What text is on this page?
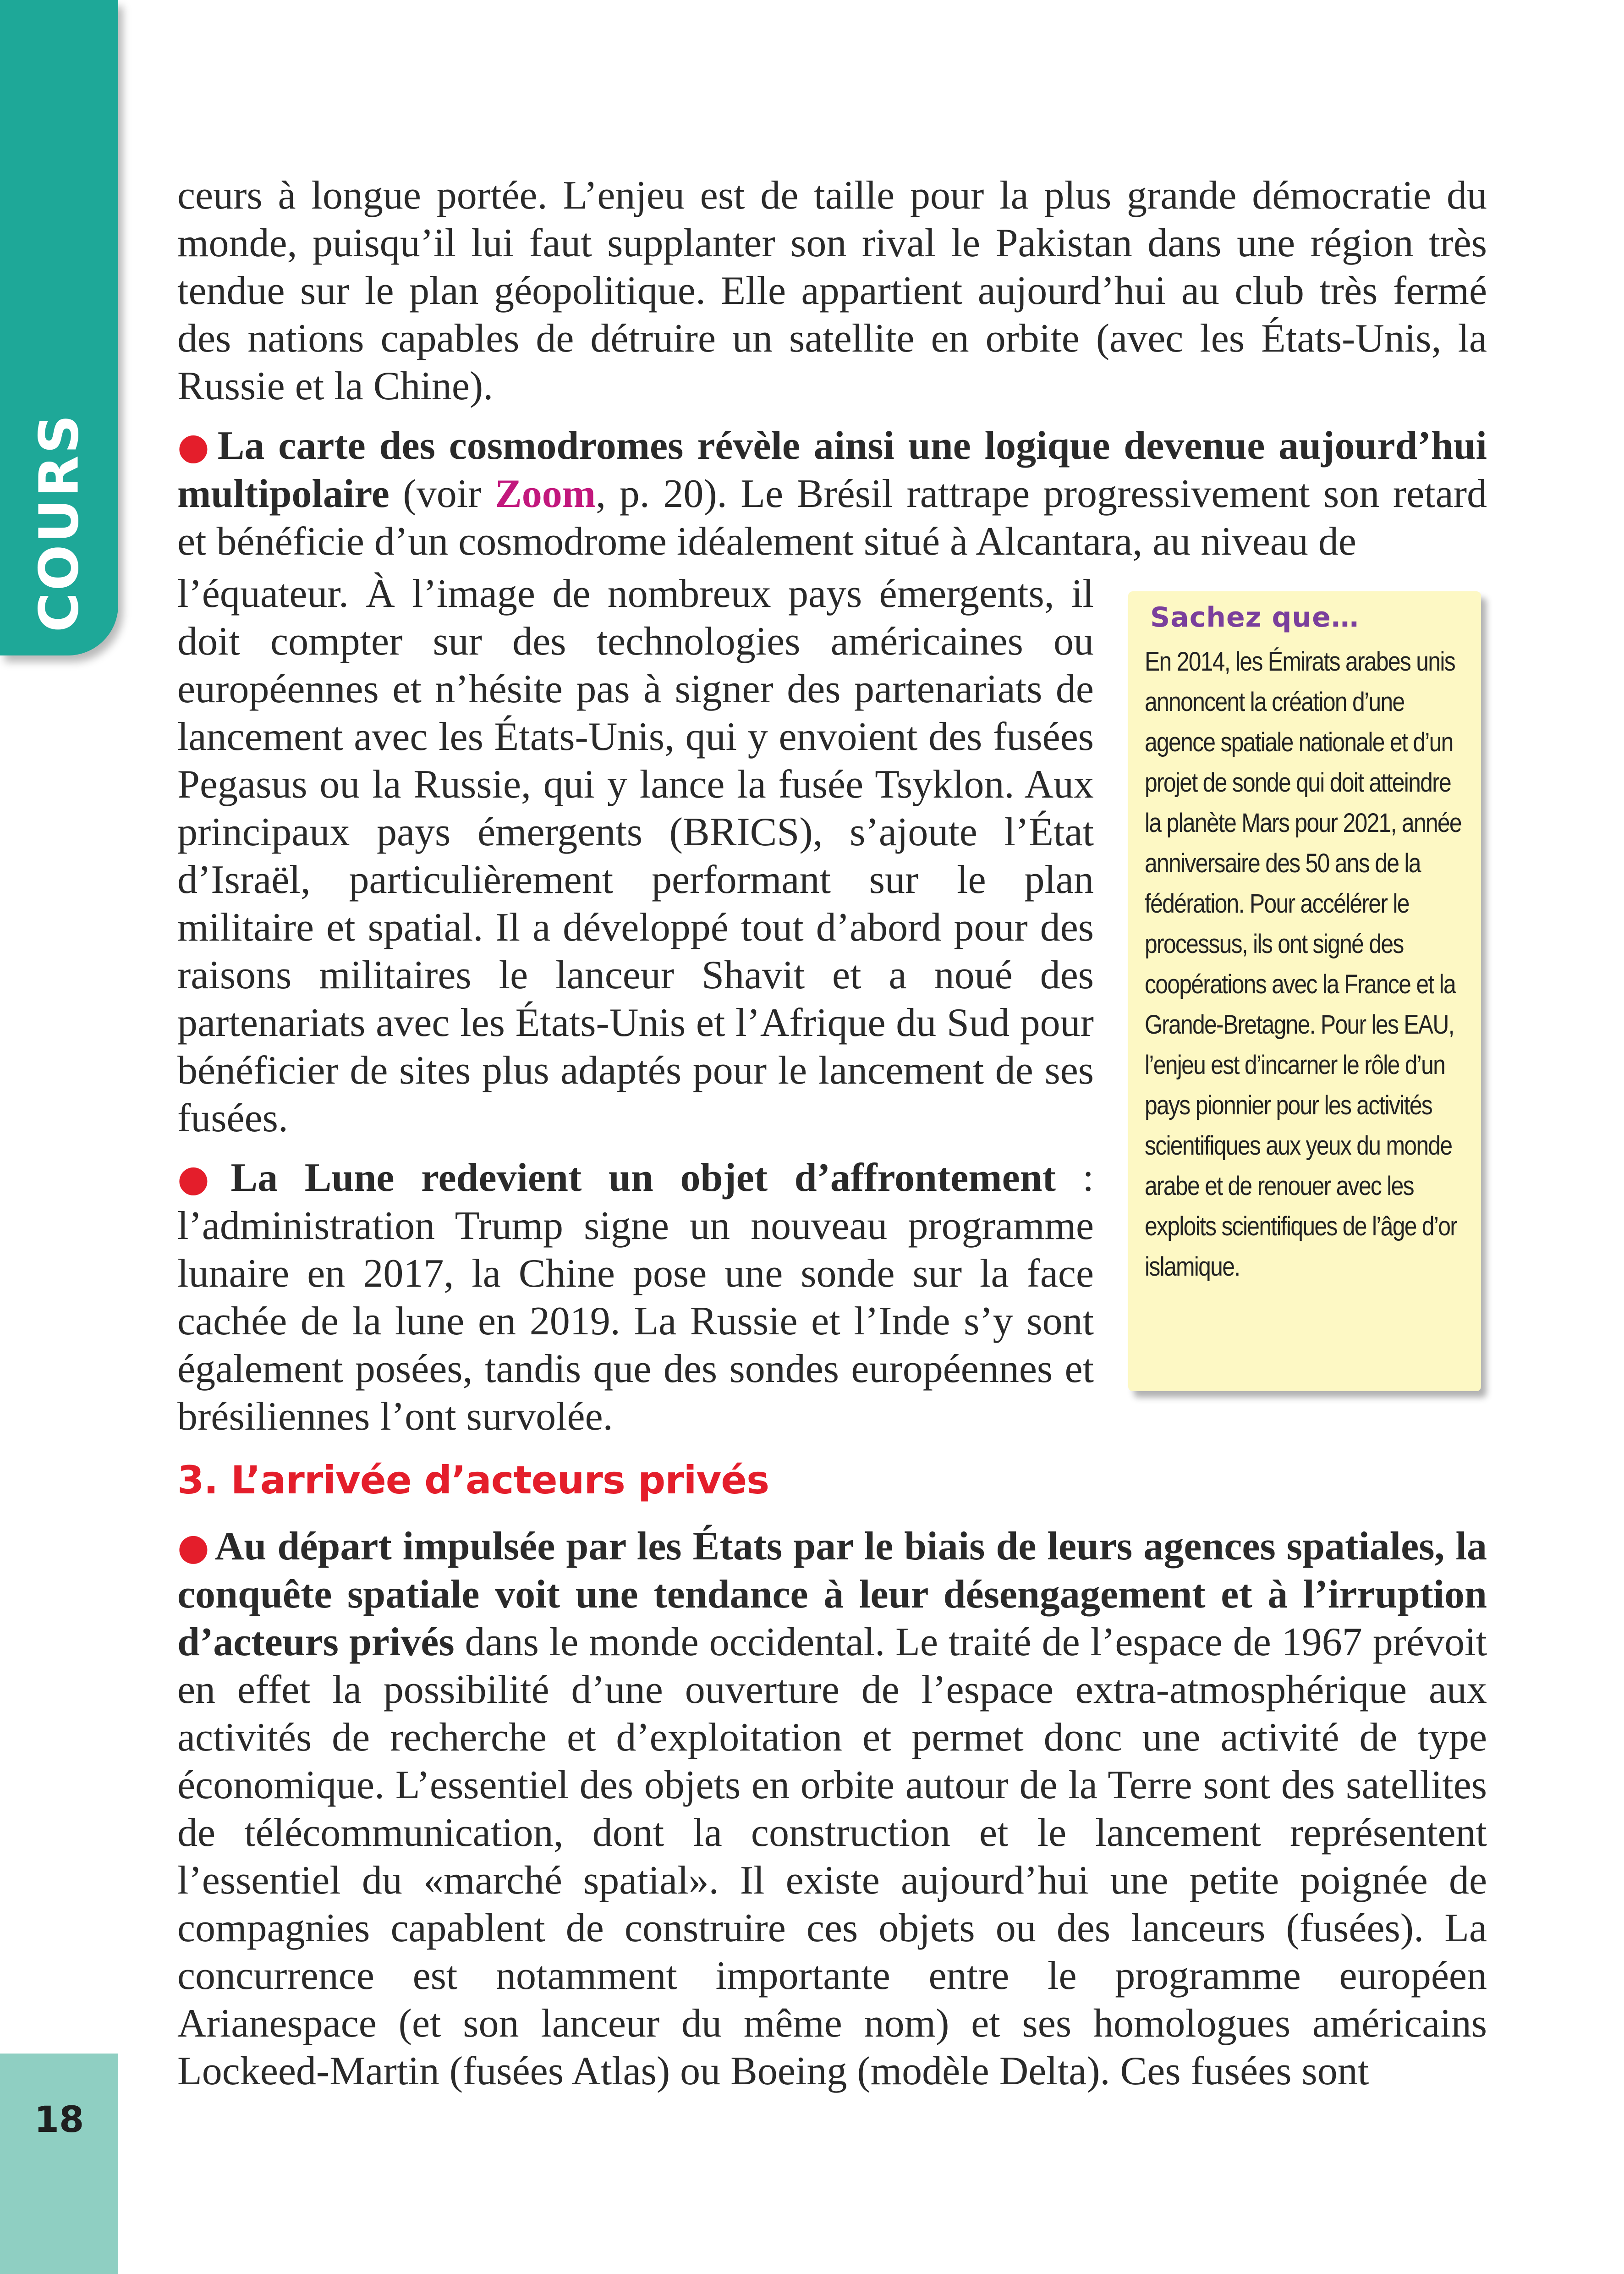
COURS
18

ceurs à longue portée. L’enjeu est de taille pour la plus grande démocratie du monde, puisqu’il lui faut supplanter son rival le Pakistan dans une région très tendue sur le plan géopolitique. Elle appartient aujourd’hui au club très fermé des nations capables de détruire un satellite en orbite (avec les États-Unis, la Russie et la Chine).

● La carte des cosmodromes révèle ainsi une logique devenue aujourd’hui multipolaire (voir Zoom, p. 20). Le Brésil rattrape progressivement son retard et bénéficie d’un cosmodrome idéalement situé à Alcantara, au niveau de

l’équateur. À l’image de nombreux pays émergents, il doit compter sur des technologies américaines ou européennes et n’hésite pas à signer des partenariats de lancement avec les États-Unis, qui y envoient des fusées Pegasus ou la Russie, qui y lance la fusée Tsyklon. Aux principaux pays émergents (BRICS), s’ajoute l’État d’Israël, particulièrement performant sur le plan militaire et spatial. Il a développé tout d’abord pour des raisons militaires le lanceur Shavit et a noué des partenariats avec les États-Unis et l’Afrique du Sud pour bénéficier de sites plus adaptés pour le lancement de ses fusées.

● La Lune redevient un objet d’affrontement : l’administration Trump signe un nouveau programme lunaire en 2017, la Chine pose une sonde sur la face cachée de la lune en 2019. La Russie et l’Inde s’y sont également posées, tandis que des sondes européennes et brésiliennes l’ont survolée.

Sachez que…
En 2014, les Émirats arabes unis annoncent la création d’une agence spatiale nationale et d’un projet de sonde qui doit atteindre la planète Mars pour 2021, année anniversaire des 50 ans de la fédération. Pour accélérer le processus, ils ont signé des coopérations avec la France et la Grande-Bretagne. Pour les EAU, l’enjeu est d’incarner le rôle d’un pays pionnier pour les activités scientifiques aux yeux du monde arabe et de renouer avec les exploits scientifiques de l’âge d’or islamique.
3. L’arrivée d’acteurs privés

● Au départ impulsée par les États par le biais de leurs agences spatiales, la conquête spatiale voit une tendance à leur désengagement et à l’irruption d’acteurs privés dans le monde occidental. Le traité de l’espace de 1967 prévoit en effet la possibilité d’une ouverture de l’espace extra-atmosphérique aux activités de recherche et d’exploitation et permet donc une activité de type économique. L’essentiel des objets en orbite autour de la Terre sont des satellites de télécommunication, dont la construction et le lancement représentent l’essentiel du «marché spatial». Il existe aujourd’hui une petite poignée de compagnies capablent de construire ces objets ou des lanceurs (fusées). La concurrence est notamment importante entre le programme européen Arianespace (et son lanceur du même nom) et ses homologues américains Lockeed-Martin (fusées Atlas) ou Boeing (modèle Delta). Ces fusées sont
